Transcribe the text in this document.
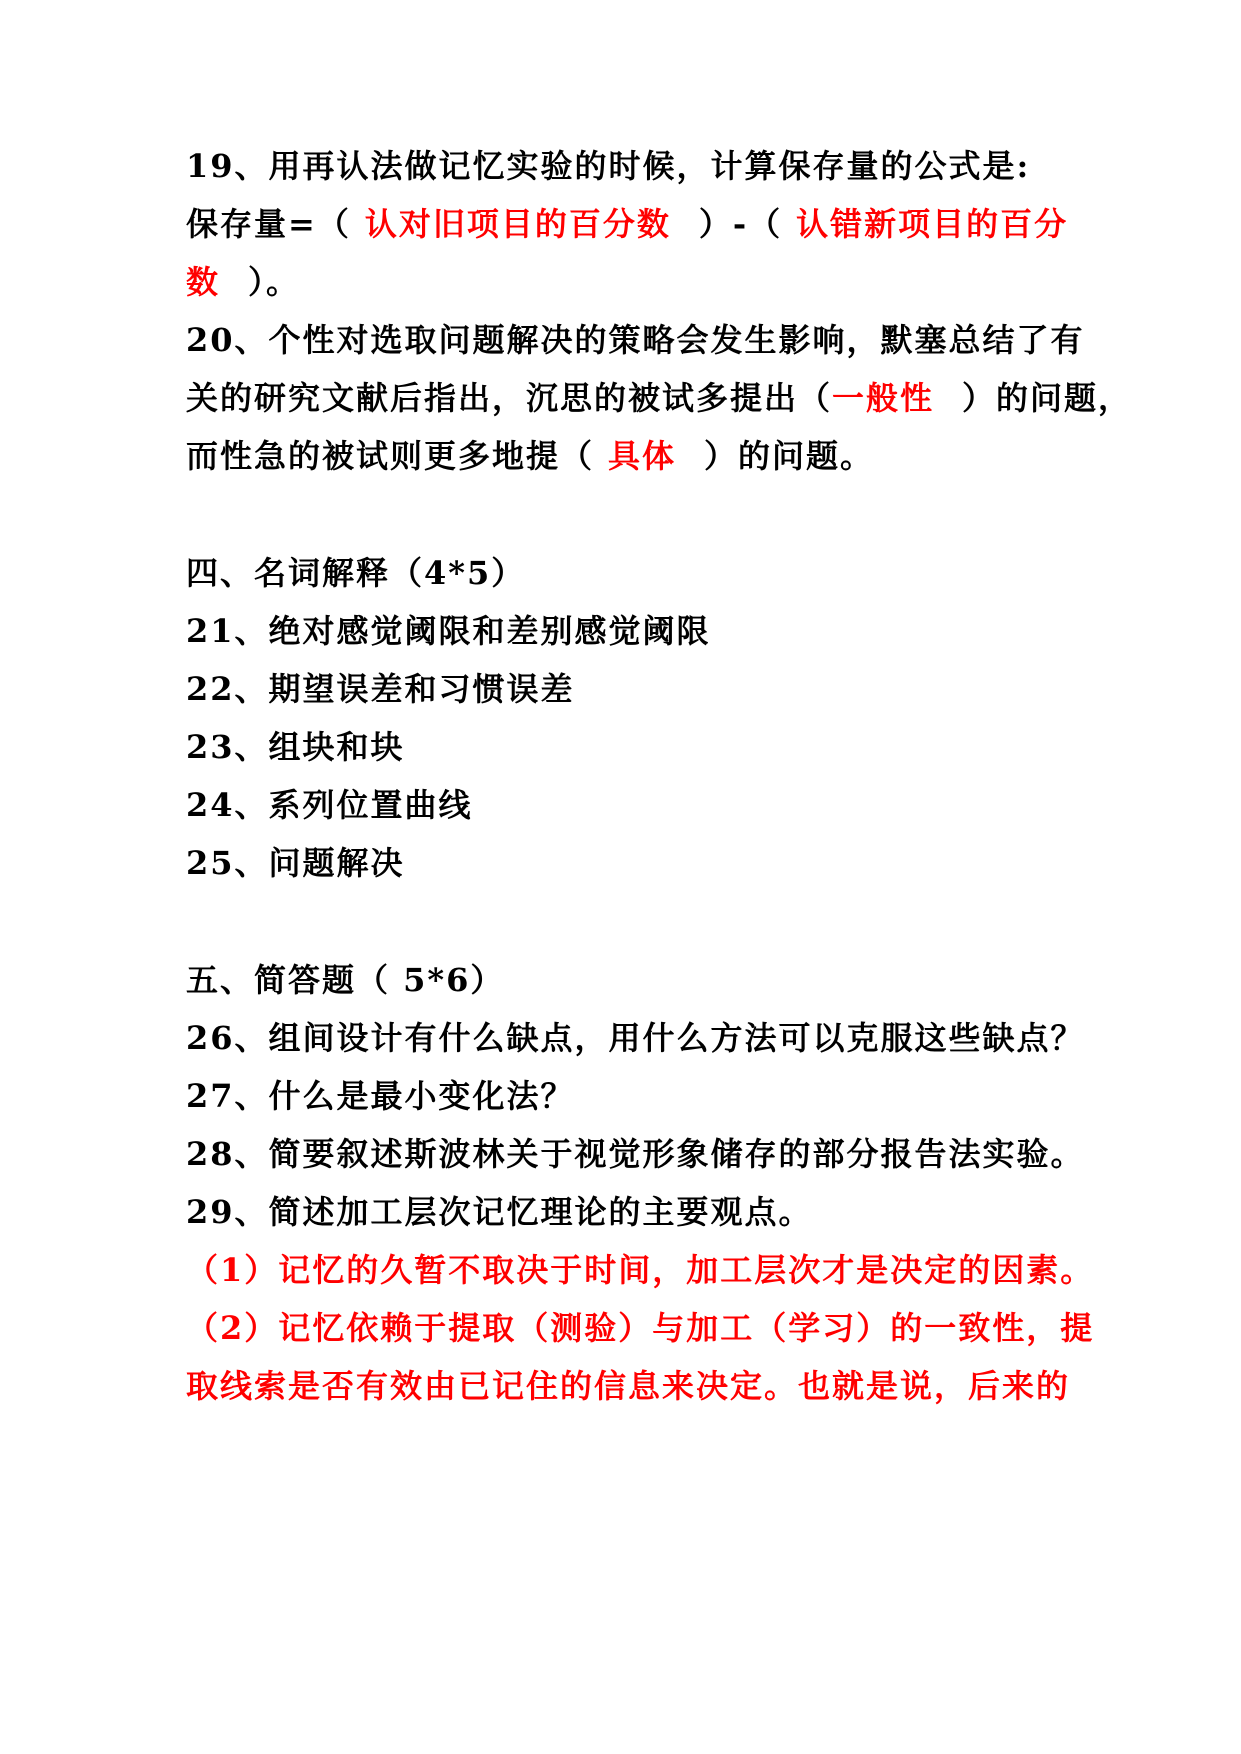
19、用再认法做记忆实验的时候，计算保存量的公式是:
保存量=（ 认对旧项目的百分数 ）-（ 认错新项目的百分
数 ）。
20、个性对选取问题解决的策略会发生影响，默塞总结了有
关的研究文献后指出，沉思的被试多提出（一般性 ）的问题，
而性急的被试则更多地提（ 具体 ）的问题。
四、名词解释（4*5）
21、绝对感觉阈限和差别感觉阈限
22、期望误差和习惯误差
23、组块和块
24、系列位置曲线
25、问题解决
五、简答题（ 5*6）
26、组间设计有什么缺点，用什么方法可以克服这些缺点？
27、什么是最小变化法？
28、简要叙述斯波林关于视觉形象储存的部分报告法实验。
29、简述加工层次记忆理论的主要观点。
（1）记忆的久暂不取决于时间，加工层次才是决定的因素。
（2）记忆依赖于提取（测验）与加工（学习）的一致性，提
取线索是否有效由已记住的信息来决定。也就是说，后来的
